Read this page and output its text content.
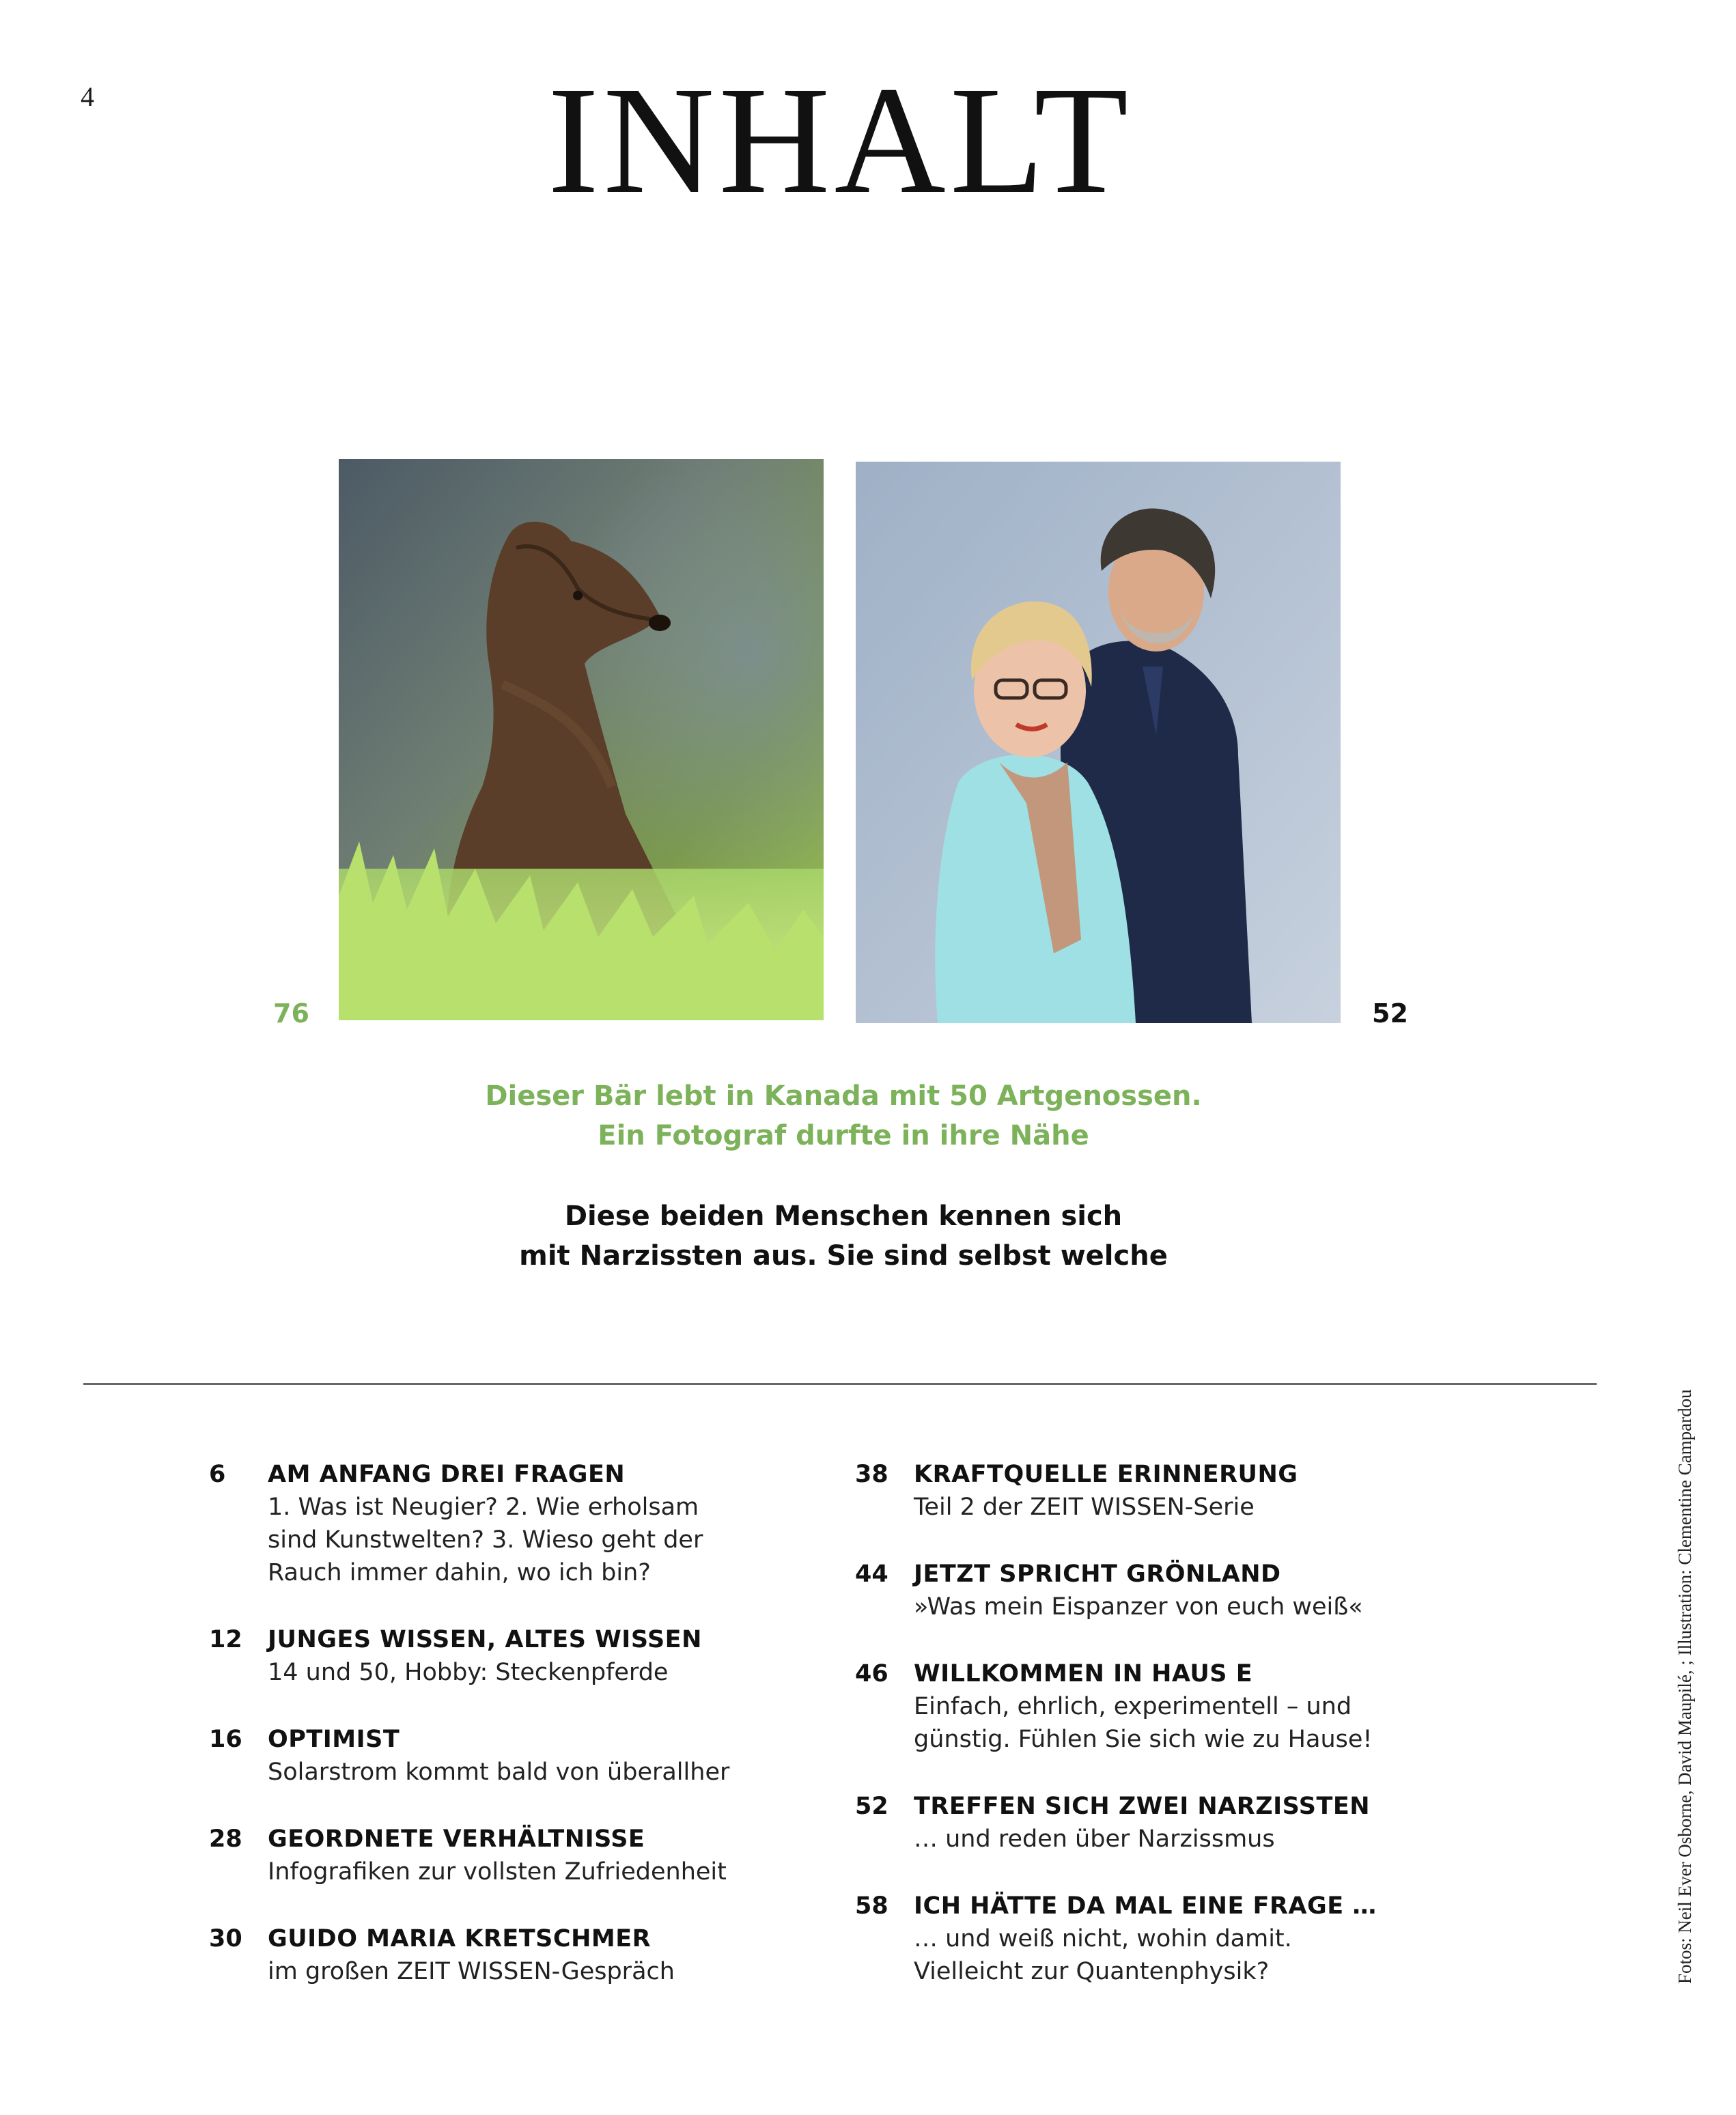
4	INHALT
76	52
Dieser Bär lebt in Kanada mit 50 Artgenossen.
Ein Fotograf durfte in ihre Nähe
Diese beiden Menschen kennen sich
mit Narzissten aus. Sie sind selbst welche
Fotos: Neil Ever Osborne, David Maupilé, ; Illustration: Clementine Campardou
6 AM ANFANG DREI FRAGEN
1. Was ist Neugier? 2. Wie erholsam
sind Kunstwelten? 3. Wieso geht der
Rauch immer dahin, wo ich bin?
12 JUNGES WISSEN, ALTES WISSEN
14 und 50, Hobby: Steckenpferde
16 OPTIMIST
Solarstrom kommt bald von überallher
28 GEORDNETE VERHÄLTNISSE
Infografiken zur vollsten Zufriedenheit
30 GUIDO MARIA KRETSCHMER
im großen ZEIT WISSEN-Gespräch
38 KRAFTQUELLE ERINNERUNG
Teil 2 der ZEIT WISSEN-Serie
44 JETZT SPRICHT GRÖNLAND
»Was mein Eispanzer von euch weiß«
46 WILLKOMMEN IN HAUS E
Einfach, ehrlich, experimentell – und
günstig. Fühlen Sie sich wie zu Hause!
52 TREFFEN SICH ZWEI NARZISSTEN
… und reden über Narzissmus
58 ICH HÄTTE DA MAL EINE FRAGE …
… und weiß nicht, wohin damit.
Vielleicht zur Quantenphysik?
